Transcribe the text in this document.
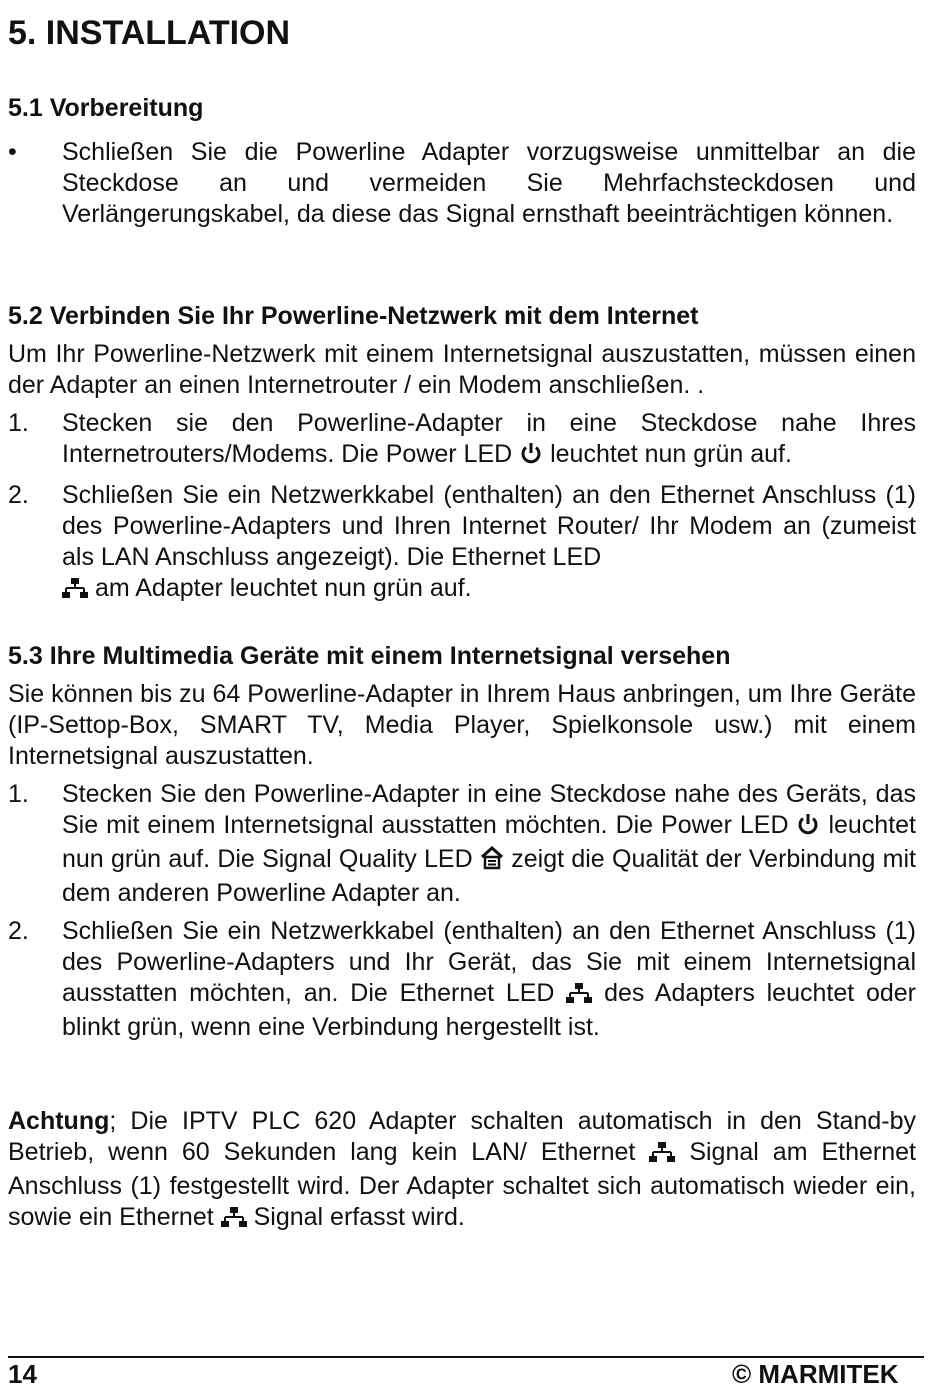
5. INSTALLATION

5.1 Vorbereitung

• Schließen Sie die Powerline Adapter vorzugsweise unmittelbar an die Steckdose an und vermeiden Sie Mehrfachsteckdosen und Verlängerungskabel, da diese das Signal ernsthaft beeinträchtigen können.

5.2 Verbinden Sie Ihr Powerline-Netzwerk mit dem Internet

Um Ihr Powerline-Netzwerk mit einem Internetsignal auszustatten, müssen einen der Adapter an einen Internetrouter / ein Modem anschließen. .

1. Stecken sie den Powerline-Adapter in eine Steckdose nahe Ihres Internetrouters/Modems. Die Power LED leuchtet nun grün auf.

2. Schließen Sie ein Netzwerkkabel (enthalten) an den Ethernet Anschluss (1) des Powerline-Adapters und Ihren Internet Router/ Ihr Modem an (zumeist als LAN Anschluss angezeigt). Die Ethernet LED
am Adapter leuchtet nun grün auf.

5.3 Ihre Multimedia Geräte mit einem Internetsignal versehen

Sie können bis zu 64 Powerline-Adapter in Ihrem Haus anbringen, um Ihre Geräte (IP-Settop-Box, SMART TV, Media Player, Spielkonsole usw.) mit einem Internetsignal auszustatten.

1. Stecken Sie den Powerline-Adapter in eine Steckdose nahe des Geräts, das Sie mit einem Internetsignal ausstatten möchten. Die Power LED leuchtet nun grün auf. Die Signal Quality LED zeigt die Qualität der Verbindung mit dem anderen Powerline Adapter an.

2. Schließen Sie ein Netzwerkkabel (enthalten) an den Ethernet Anschluss (1) des Powerline-Adapters und Ihr Gerät, das Sie mit einem Internetsignal ausstatten möchten, an. Die Ethernet LED des Adapters leuchtet oder blinkt grün, wenn eine Verbindung hergestellt ist.

Achtung; Die IPTV PLC 620 Adapter schalten automatisch in den Stand-by Betrieb, wenn 60 Sekunden lang kein LAN/ Ethernet Signal am Ethernet Anschluss (1) festgestellt wird. Der Adapter schaltet sich automatisch wieder ein, sowie ein Ethernet Signal erfasst wird.

14	© MARMITEK
